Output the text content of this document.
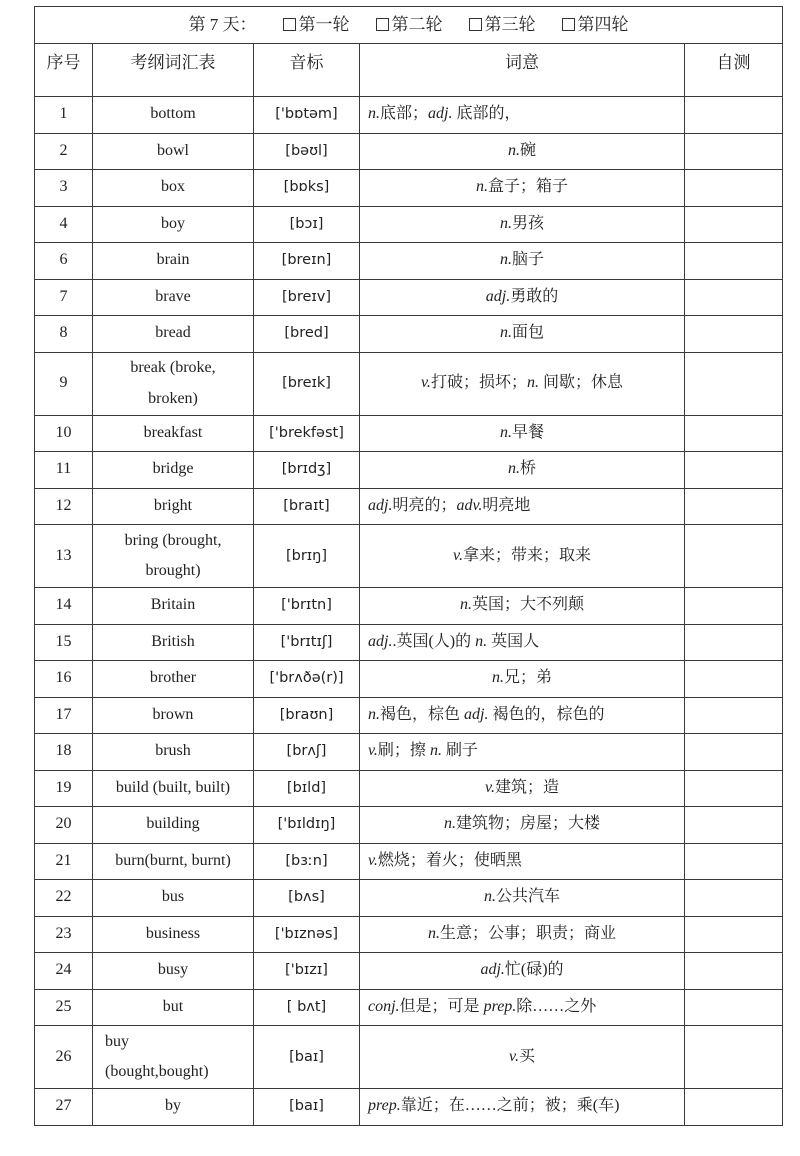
第 7 天： 第一轮 第二轮 第三轮 第四轮				

序号	考纲词汇表	音标	词意	自测
1	bottom	['bɒtəm]	n.底部；adj. 底部的，	
2	bowl	[bəʊl]	n.碗	
3	box	[bɒks]	n.盒子；箱子	
4	boy	[bɔɪ]	n.男孩	
6	brain	[breɪn]	n.脑子	
7	brave	[breɪv]	adj.勇敢的	
8	bread	[bred]	n.面包	
9	break (broke,
broken)	[breɪk]	v.打破；损坏；n. 间歇；休息	
10	breakfast	['brekfəst]	n.早餐	
11	bridge	[brɪdʒ]	n.桥	
12	bright	[braɪt]	adj.明亮的；adv.明亮地	
13	bring (brought,
brought)	[brɪŋ]	v.拿来；带来；取来	
14	Britain	['brɪtn]	n.英国；大不列颠	
15	British	['brɪtɪʃ]	adj..英国(人)的 n. 英国人	
16	brother	['brʌðə(r)]	n.兄；弟	
17	brown	[braʊn]	n.褐色，棕色 adj. 褐色的，棕色的	
18	brush	[brʌʃ]	v.刷；擦 n. 刷子	
19	build (built, built)	[bɪld]	v.建筑；造	
20	building	['bɪldɪŋ]	n.建筑物；房屋；大楼	
21	burn(burnt, burnt)	[bɜːn]	v.燃烧；着火；使晒黑	
22	bus	[bʌs]	n.公共汽车	
23	business	['bɪznəs]	n.生意；公事；职责；商业	
24	busy	['bɪzɪ]	adj.忙(碌)的	
25	but	[ bʌt]	conj.但是；可是 prep.除……之外	
26	buy
(bought,bought)	[baɪ]	v.买	
27	by	[baɪ]	prep.靠近；在……之前；被；乘(车)	
